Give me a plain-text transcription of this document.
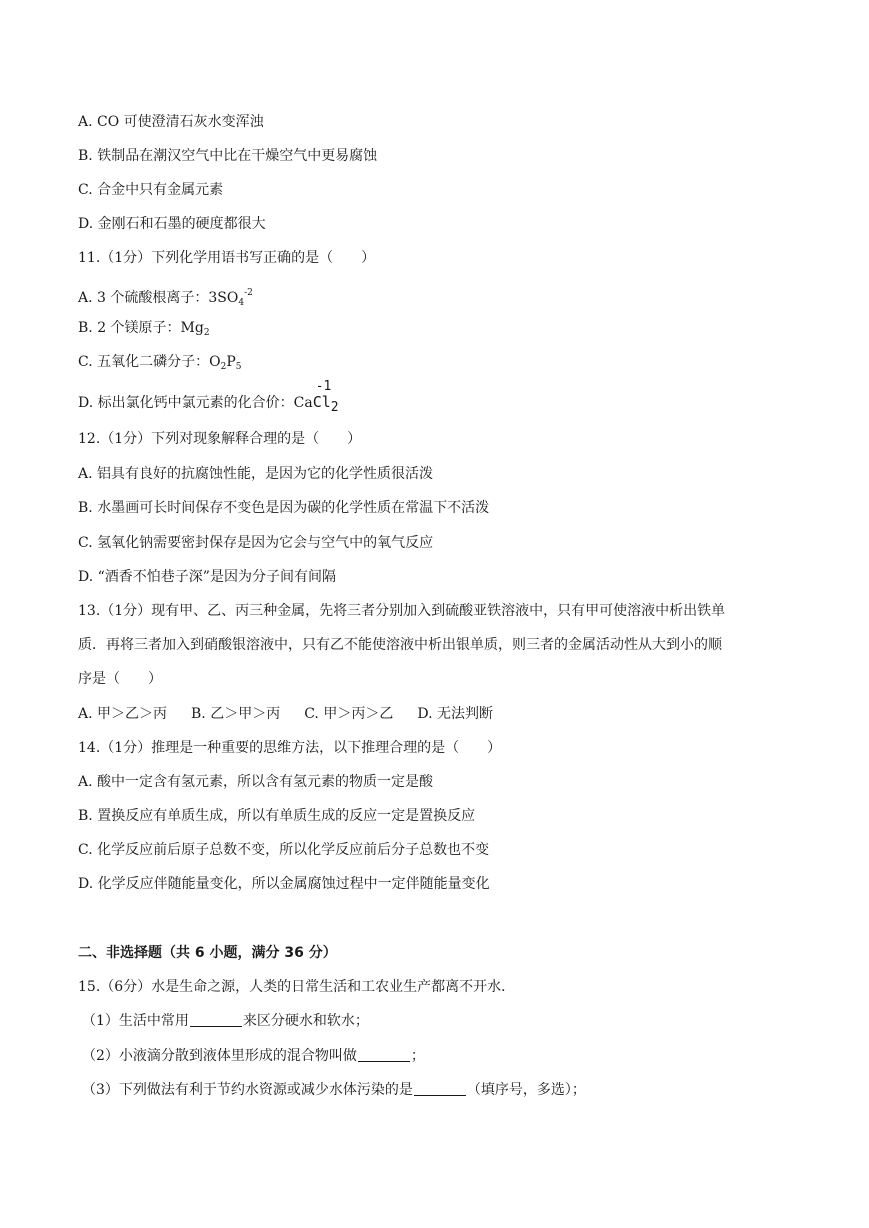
A. CO 可使澄清石灰水变浑浊
B. 铁制品在潮汉空气中比在干燥空气中更易腐蚀
C. 合金中只有金属元素
D. 金刚石和石墨的硬度都很大
11.（1分）下列化学用语书写正确的是（　　）
A. 3 个硫酸根离子：$3SO_4^{-2}$
B. 2 个镁原子：$Mg_2$
C. 五氧化二磷分子：$O_2P_5$
D. 标出氯化钙中氯元素的化合价：Ca
-1
Cl2
12.（1分）下列对现象解释合理的是（　　）
A. 铝具有良好的抗腐蚀性能，是因为它的化学性质很活泼
B. 水墨画可长时间保存不变色是因为碳的化学性质在常温下不活泼
C. 氢氧化钠需要密封保存是因为它会与空气中的氧气反应
D. “酒香不怕巷子深”是因为分子间有间隔
13.（1分）现有甲、乙、丙三种金属，先将三者分别加入到硫酸亚铁溶液中，只有甲可使溶液中析出铁单
质．再将三者加入到硝酸银溶液中，只有乙不能使溶液中析出银单质，则三者的金属活动性从大到小的顺
序是（　　）
A. 甲＞乙＞丙 B. 乙＞甲＞丙 C. 甲＞丙＞乙 D. 无法判断
14.（1分）推理是一种重要的思维方法，以下推理合理的是（　　）
A. 酸中一定含有氢元素，所以含有氢元素的物质一定是酸
B. 置换反应有单质生成，所以有单质生成的反应一定是置换反应
C. 化学反应前后原子总数不变，所以化学反应前后分子总数也不变
D. 化学反应伴随能量变化，所以金属腐蚀过程中一定伴随能量变化
二、非选择题（共 6 小题，满分 36 分）
15.（6分）水是生命之源，人类的日常生活和工农业生产都离不开水．
（1）生活中常用	来区分硬水和软水；
（2）小液滴分散到液体里形成的混合物叫做	；
（3）下列做法有利于节约水资源或减少水体污染的是	（填序号，多选）；
